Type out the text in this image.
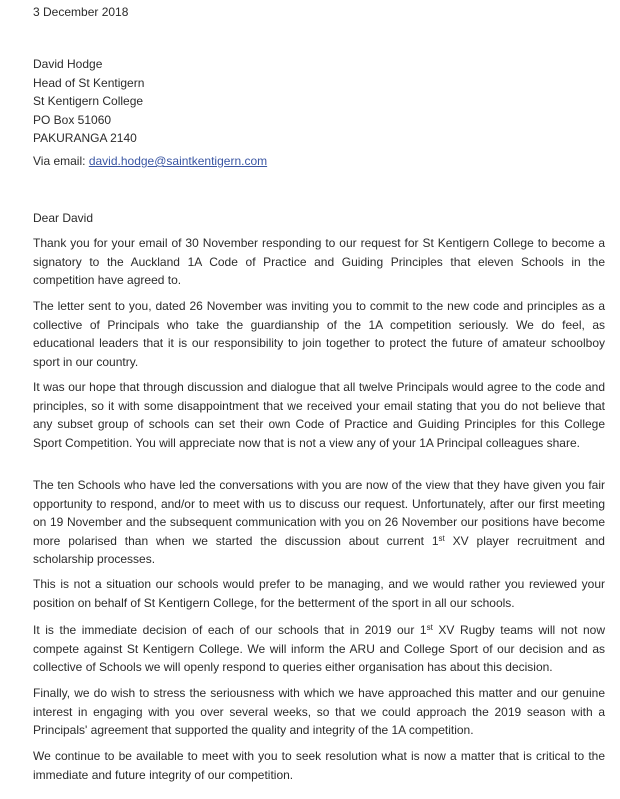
3 December 2018
David Hodge
Head of St Kentigern
St Kentigern College
PO Box 51060
PAKURANGA 2140
Via email: david.hodge@saintkentigern.com
Dear David
Thank you for your email of 30 November responding to our request for St Kentigern College to become a signatory to the Auckland 1A Code of Practice and Guiding Principles that eleven Schools in the competition have agreed to.
The letter sent to you, dated 26 November was inviting you to commit to the new code and principles as a collective of Principals who take the guardianship of the 1A competition seriously. We do feel, as educational leaders that it is our responsibility to join together to protect the future of amateur schoolboy sport in our country.
It was our hope that through discussion and dialogue that all twelve Principals would agree to the code and principles, so it with some disappointment that we received your email stating that you do not believe that any subset group of schools can set their own Code of Practice and Guiding Principles for this College Sport Competition. You will appreciate now that is not a view any of your 1A Principal colleagues share.
The ten Schools who have led the conversations with you are now of the view that they have given you fair opportunity to respond, and/or to meet with us to discuss our request. Unfortunately, after our first meeting on 19 November and the subsequent communication with you on 26 November our positions have become more polarised than when we started the discussion about current 1st XV player recruitment and scholarship processes.
This is not a situation our schools would prefer to be managing, and we would rather you reviewed your position on behalf of St Kentigern College, for the betterment of the sport in all our schools.
It is the immediate decision of each of our schools that in 2019 our 1st XV Rugby teams will not now compete against St Kentigern College. We will inform the ARU and College Sport of our decision and as collective of Schools we will openly respond to queries either organisation has about this decision.
Finally, we do wish to stress the seriousness with which we have approached this matter and our genuine interest in engaging with you over several weeks, so that we could approach the 2019 season with a Principals' agreement that supported the quality and integrity of the 1A competition.
We continue to be available to meet with you to seek resolution what is now a matter that is critical to the immediate and future integrity of our competition.
